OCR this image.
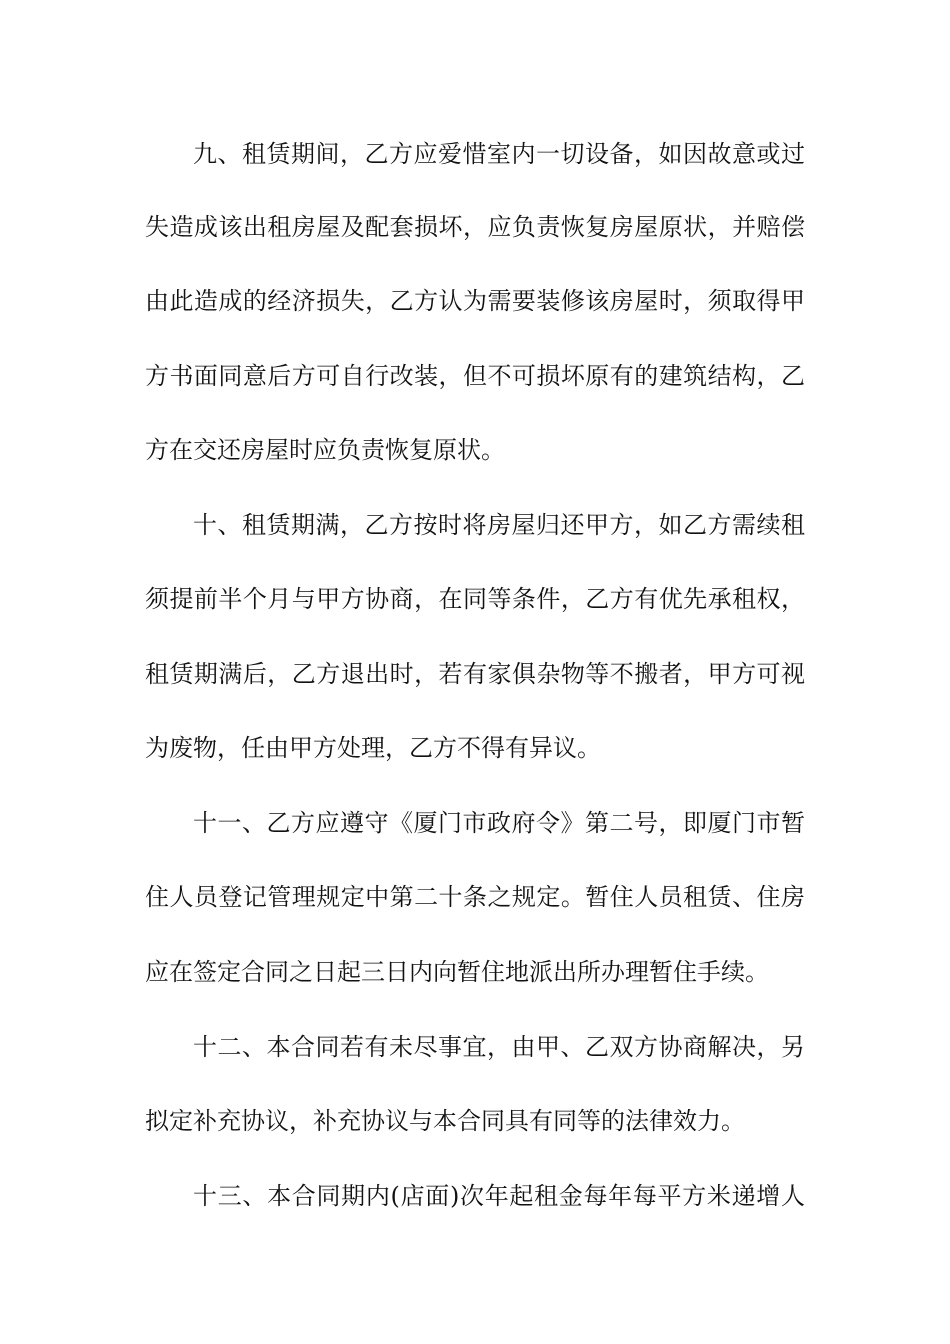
九、租赁期间，乙方应爱惜室内一切设备，如因故意或过
失造成该出租房屋及配套损坏，应负责恢复房屋原状，并赔偿
由此造成的经济损失，乙方认为需要装修该房屋时，须取得甲
方书面同意后方可自行改装，但不可损坏原有的建筑结构，乙
方在交还房屋时应负责恢复原状。
十、租赁期满，乙方按时将房屋归还甲方，如乙方需续租
须提前半个月与甲方协商，在同等条件，乙方有优先承租权，
租赁期满后，乙方退出时，若有家俱杂物等不搬者，甲方可视
为废物，任由甲方处理，乙方不得有异议。
十一、乙方应遵守《厦门市政府令》第二号，即厦门市暂
住人员登记管理规定中第二十条之规定。暂住人员租赁、住房
应在签定合同之日起三日内向暂住地派出所办理暂住手续。
十二、本合同若有未尽事宜，由甲、乙双方协商解决，另
拟定补充协议，补充协议与本合同具有同等的法律效力。
十三、本合同期内(店面)次年起租金每年每平方米递增人
